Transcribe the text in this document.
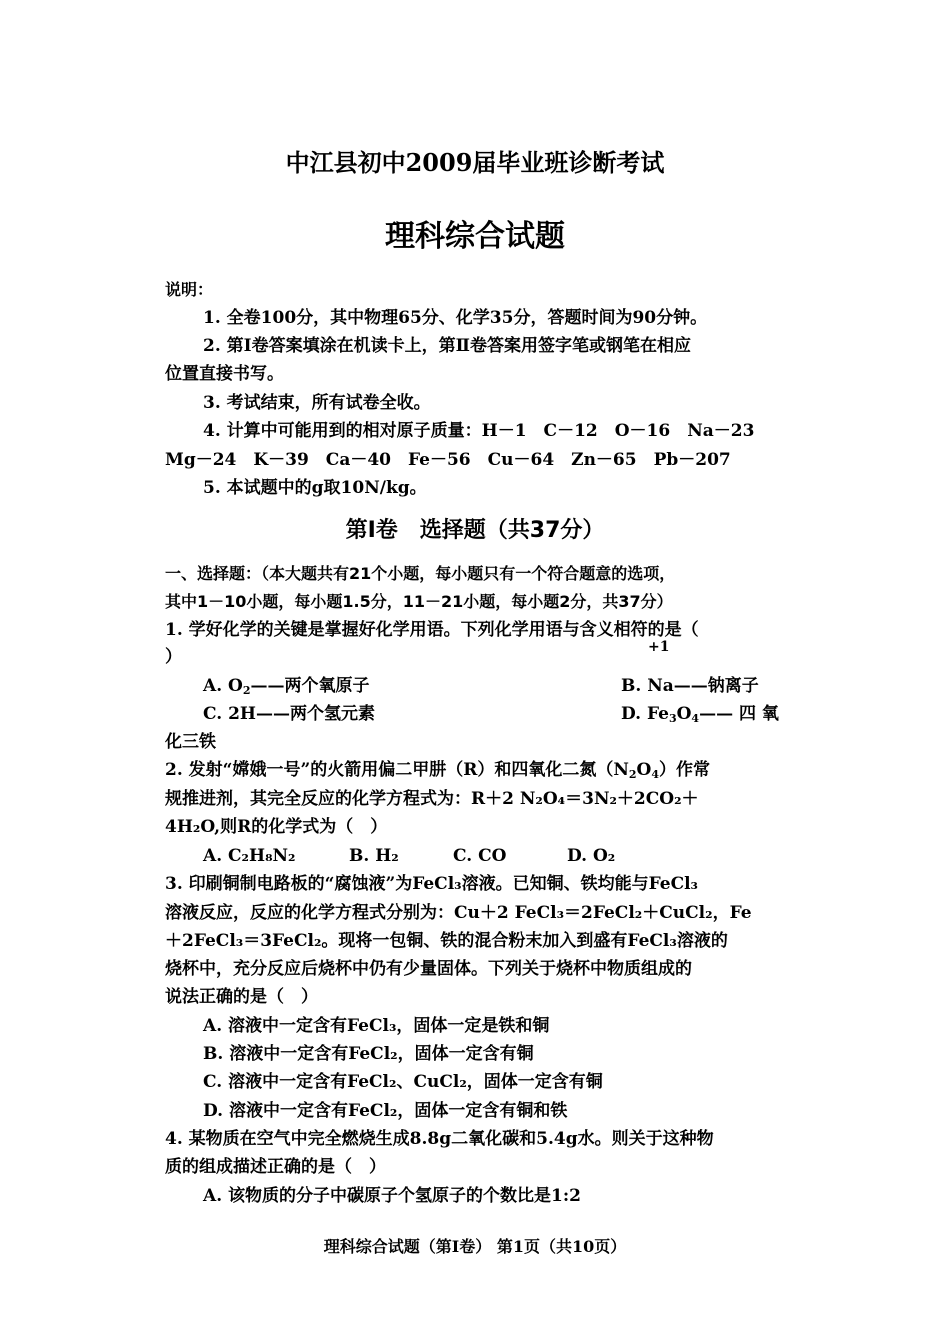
中江县初中2009届毕业班诊断考试
理科综合试题
说明：
1. 全卷100分，其中物理65分、化学35分，答题时间为90分钟。
2. 第Ⅰ卷答案填涂在机读卡上，第Ⅱ卷答案用签字笔或钢笔在相应
位置直接书写。
3. 考试结束，所有试卷全收。
4. 计算中可能用到的相对原子质量：H－1　C－12　O－16　Na－23
Mg－24　K－39　Ca－40　Fe－56　Cu－64　Zn－65　Pb－207
5. 本试题中的g取10N/kg。
第Ⅰ卷　选择题（共37分）
一、选择题：（本大题共有21个小题，每小题只有一个符合题意的选项，
其中1－10小题，每小题1.5分，11－21小题，每小题2分，共37分）
1. 学好化学的关键是掌握好化学用语。下列化学用语与含义相符的是（
）	+1
A. $O_2——$两个氧原子	B. Na——钠离子
C. 2H——两个氢元素	D. $Fe_3O_4——$ 四 氧
化三铁
2. 发射“嫦娥一号”的火箭用偏二甲肼（R）和四氧化二氮$(N_2O_4)$作常
规推进剂，其完全反应的化学方程式为：R＋2 N₂O₄＝3N₂＋2CO₂＋
4H₂O,则R的化学式为（　）
A. C₂H₈N₂	B. H₂	C. CO	D. O₂
3. 印刷铜制电路板的“腐蚀液”为FeCl₃溶液。已知铜、铁均能与FeCl₃
溶液反应，反应的化学方程式分别为：Cu＋2 FeCl₃＝2FeCl₂＋CuCl₂，Fe
＋2FeCl₃＝3FeCl₂。现将一包铜、铁的混合粉末加入到盛有FeCl₃溶液的
烧杯中，充分反应后烧杯中仍有少量固体。下列关于烧杯中物质组成的
说法正确的是（　）
A. 溶液中一定含有FeCl₃，固体一定是铁和铜
B. 溶液中一定含有FeCl₂，固体一定含有铜
C. 溶液中一定含有FeCl₂、CuCl₂，固体一定含有铜
D. 溶液中一定含有FeCl₂，固体一定含有铜和铁
4. 某物质在空气中完全燃烧生成8.8g二氧化碳和5.4g水。则关于这种物
质的组成描述正确的是（　）
A. 该物质的分子中碳原子个氢原子的个数比是1:2
理科综合试题（第Ⅰ卷） 第1页（共10页）
